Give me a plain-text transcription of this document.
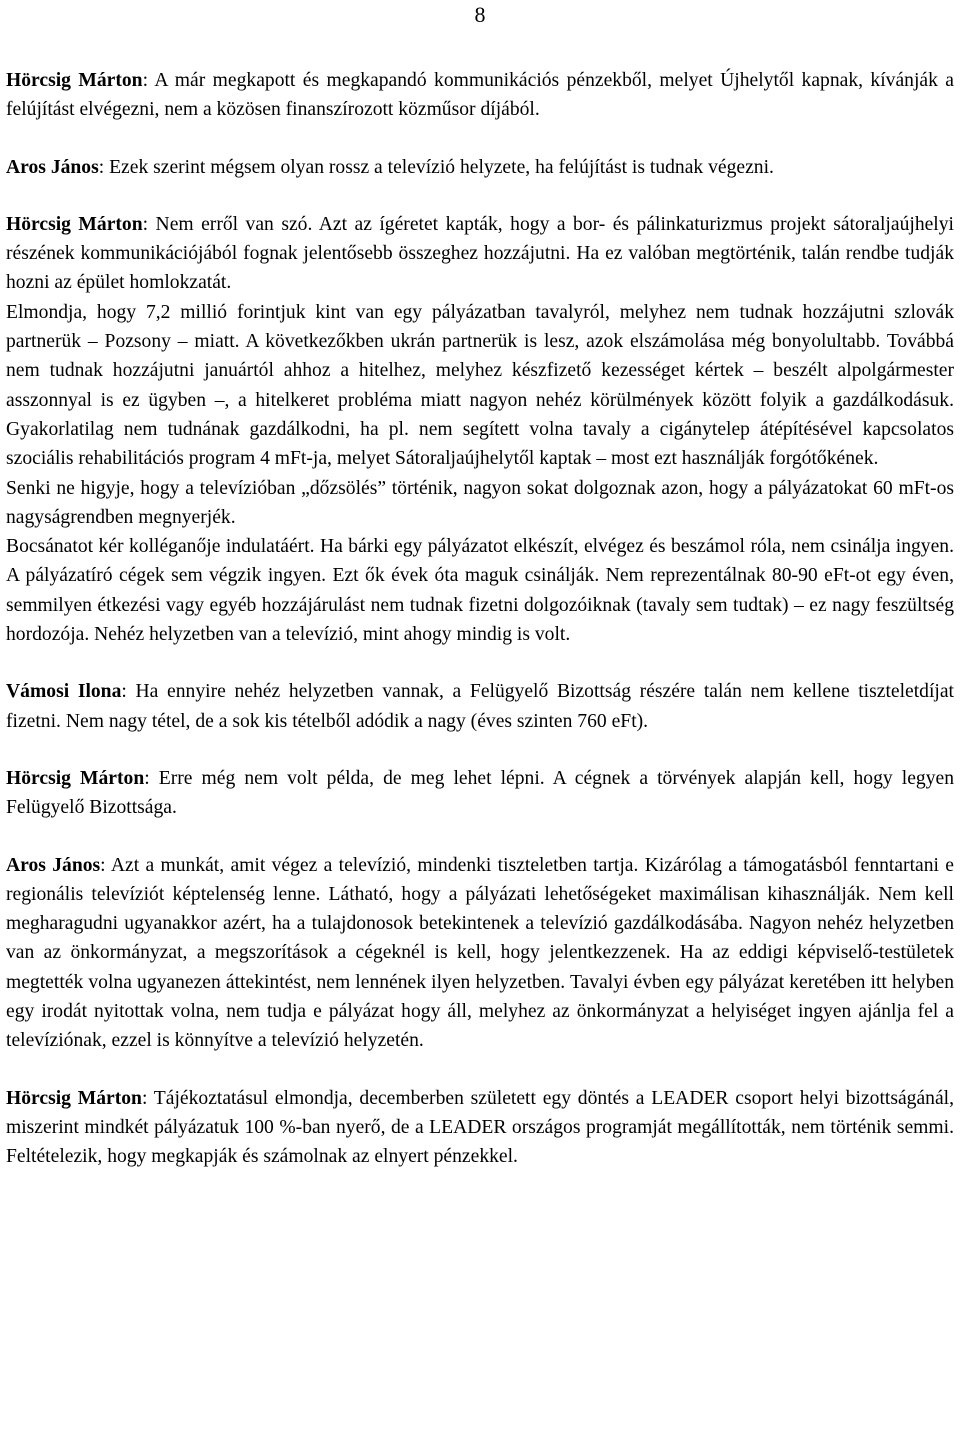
8

Hörcsig Márton: A már megkapott és megkapandó kommunikációs pénzekből, melyet Újhelytől kapnak, kívánják a felújítást elvégezni, nem a közösen finanszírozott közműsor díjából.

Aros János: Ezek szerint mégsem olyan rossz a televízió helyzete, ha felújítást is tudnak végezni.

Hörcsig Márton: Nem erről van szó. Azt az ígéretet kapták, hogy a bor- és pálinkaturizmus projekt sátoraljaújhelyi részének kommunikációjából fognak jelentősebb összeghez hozzájutni. Ha ez valóban megtörténik, talán rendbe tudják hozni az épület homlokzatát.

Elmondja, hogy 7,2 millió forintjuk kint van egy pályázatban tavalyról, melyhez nem tudnak hozzájutni szlovák partnerük – Pozsony – miatt. A következőkben ukrán partnerük is lesz, azok elszámolása még bonyolultabb. Továbbá nem tudnak hozzájutni januártól ahhoz a hitelhez, melyhez készfizető kezességet kértek – beszélt alpolgármester asszonnyal is ez ügyben –, a hitelkeret probléma miatt nagyon nehéz körülmények között folyik a gazdálkodásuk. Gyakorlatilag nem tudnának gazdálkodni, ha pl. nem segített volna tavaly a cigánytelep átépítésével kapcsolatos szociális rehabilitációs program 4 mFt-ja, melyet Sátoraljaújhelytől kaptak – most ezt használják forgótőkének.

Senki ne higyje, hogy a televízióban „dőzsölés” történik, nagyon sokat dolgoznak azon, hogy a pályázatokat 60 mFt-os nagyságrendben megnyerjék.

Bocsánatot kér kolléganője indulatáért. Ha bárki egy pályázatot elkészít, elvégez és beszámol róla, nem csinálja ingyen. A pályázatíró cégek sem végzik ingyen. Ezt ők évek óta maguk csinálják. Nem reprezentálnak 80-90 eFt-ot egy éven, semmilyen étkezési vagy egyéb hozzájárulást nem tudnak fizetni dolgozóiknak (tavaly sem tudtak) – ez nagy feszültség hordozója. Nehéz helyzetben van a televízió, mint ahogy mindig is volt.

Vámosi Ilona: Ha ennyire nehéz helyzetben vannak, a Felügyelő Bizottság részére talán nem kellene tiszteletdíjat fizetni. Nem nagy tétel, de a sok kis tételből adódik a nagy (éves szinten 760 eFt).

Hörcsig Márton: Erre még nem volt példa, de meg lehet lépni. A cégnek a törvények alapján kell, hogy legyen Felügyelő Bizottsága.

Aros János: Azt a munkát, amit végez a televízió, mindenki tiszteletben tartja. Kizárólag a támogatásból fenntartani e regionális televíziót képtelenség lenne. Látható, hogy a pályázati lehetőségeket maximálisan kihasználják. Nem kell megharagudni ugyanakkor azért, ha a tulajdonosok betekintenek a televízió gazdálkodásába. Nagyon nehéz helyzetben van az önkormányzat, a megszorítások a cégeknél is kell, hogy jelentkezzenek. Ha az eddigi képviselő-testületek megtették volna ugyanezen áttekintést, nem lennének ilyen helyzetben. Tavalyi évben egy pályázat keretében itt helyben egy irodát nyitottak volna, nem tudja e pályázat hogy áll, melyhez az önkormányzat a helyiséget ingyen ajánlja fel a televíziónak, ezzel is könnyítve a televízió helyzetén.

Hörcsig Márton: Tájékoztatásul elmondja, decemberben született egy döntés a LEADER csoport helyi bizottságánál, miszerint mindkét pályázatuk 100 %-ban nyerő, de a LEADER országos programját megállították, nem történik semmi. Feltételezik, hogy megkapják és számolnak az elnyert pénzekkel.
